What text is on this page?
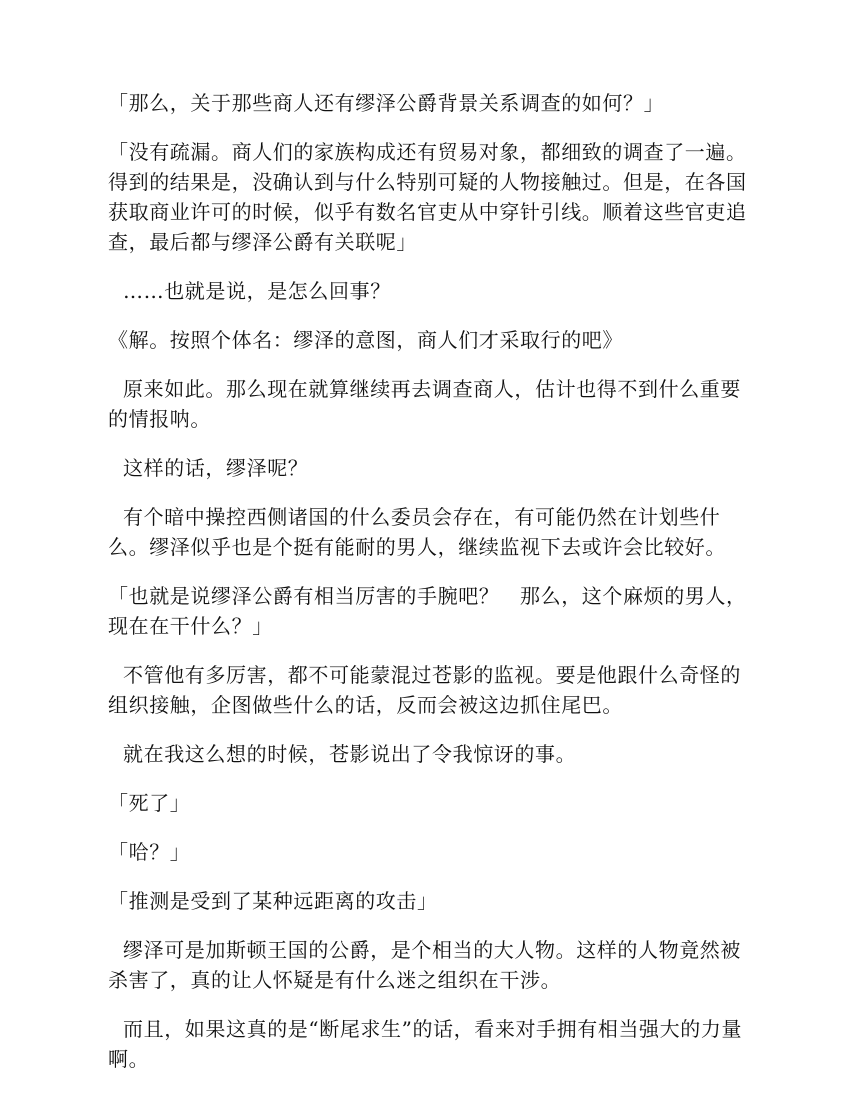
「那么，关于那些商人还有缪泽公爵背景关系调查的如何？」

「没有疏漏。商人们的家族构成还有贸易对象，都细致的调查了一遍。得到的结果是，没确认到与什么特别可疑的人物接触过。但是，在各国获取商业许可的时候，似乎有数名官吏从中穿针引线。顺着这些官吏追查，最后都与缪泽公爵有关联呢」

……也就是说，是怎么回事？

《解。按照个体名：缪泽的意图，商人们才采取行的吧》

原来如此。那么现在就算继续再去调查商人，估计也得不到什么重要的情报呐。

这样的话，缪泽呢？

有个暗中操控西侧诸国的什么委员会存在，有可能仍然在计划些什么。缪泽似乎也是个挺有能耐的男人，继续监视下去或许会比较好。

「也就是说缪泽公爵有相当厉害的手腕吧？　那么，这个麻烦的男人，现在在干什么？」

不管他有多厉害，都不可能蒙混过苍影的监视。要是他跟什么奇怪的组织接触，企图做些什么的话，反而会被这边抓住尾巴。

就在我这么想的时候，苍影说出了令我惊讶的事。

「死了」

「哈？」

「推测是受到了某种远距离的攻击」

缪泽可是加斯顿王国的公爵，是个相当的大人物。这样的人物竟然被杀害了，真的让人怀疑是有什么迷之组织在干涉。

而且，如果这真的是“断尾求生”的话，看来对手拥有相当强大的力量啊。
